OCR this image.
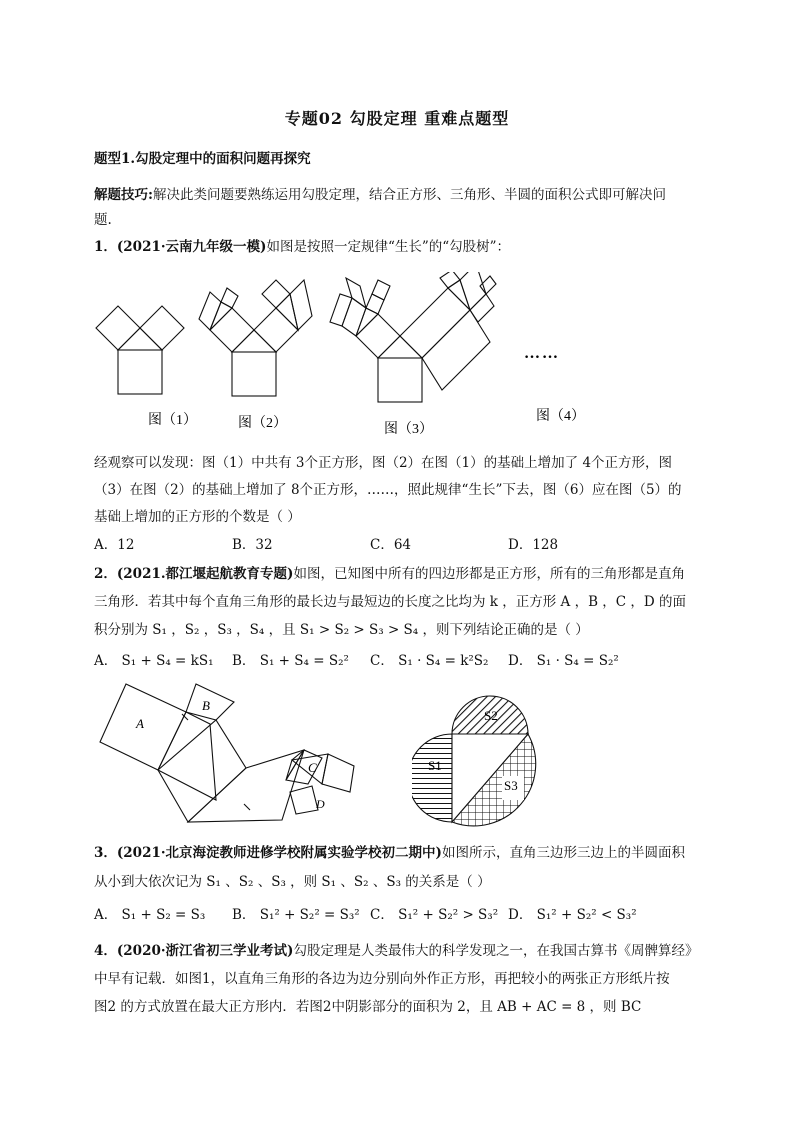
专题02 勾股定理 重难点题型
题型1.勾股定理中的面积问题再探究
解题技巧:解决此类问题要熟练运用勾股定理，结合正方形、三角形、半圆的面积公式即可解决问
题.
1．(2021·云南九年级一模)如图是按照一定规律“生长”的“勾股树”：
图（1）	图（2）	图（3）
……
图（4）
经观察可以发现：图（1）中共有 3个正方形，图（2）在图（1）的基础上增加了 4个正方形，图
（3）在图（2）的基础上增加了 8个正方形，……，照此规律“生长”下去，图（6）应在图（5）的
基础上增加的正方形的个数是（ ）
A．12	B．32	C．64	D．128
2．(2021.都江堰起航教育专题)如图，已知图中所有的四边形都是正方形，所有的三角形都是直角
三角形．若其中每个直角三角形的最长边与最短边的长度之比均为 k ，正方形 A ，B ，C ，D 的面
积分别为 S₁ ，S₂ ，S₃ ，S₄ ，且 S₁ > S₂ > S₃ > S₄ ，则下列结论正确的是（ ）
A． S₁ + S₄ = kS₁ B． S₁ + S₄ = S₂² C． S₁ · S₄ = k²S₂ D． S₁ · S₄ = S₂²
A
B
C
D
S2
S1
S3
3．(2021·北京海淀教师进修学校附属实验学校初二期中)如图所示，直角三边形三边上的半圆面积
从小到大依次记为 S₁ 、S₂ 、S₃ ，则 S₁ 、S₂ 、S₃ 的关系是（ ）
A． S₁ + S₂ = S₃ B． S₁² + S₂² = S₃² C． S₁² + S₂² > S₃² D． S₁² + S₂² < S₃²
4．(2020·浙江省初三学业考试)勾股定理是人类最伟大的科学发现之一，在我国古算书《周髀算经》
中早有记载．如图1，以直角三角形的各边为边分别向外作正方形，再把较小的两张正方形纸片按
图2 的方式放置在最大正方形内．若图2中阴影部分的面积为 2，且 AB + AC = 8 ，则 BC
